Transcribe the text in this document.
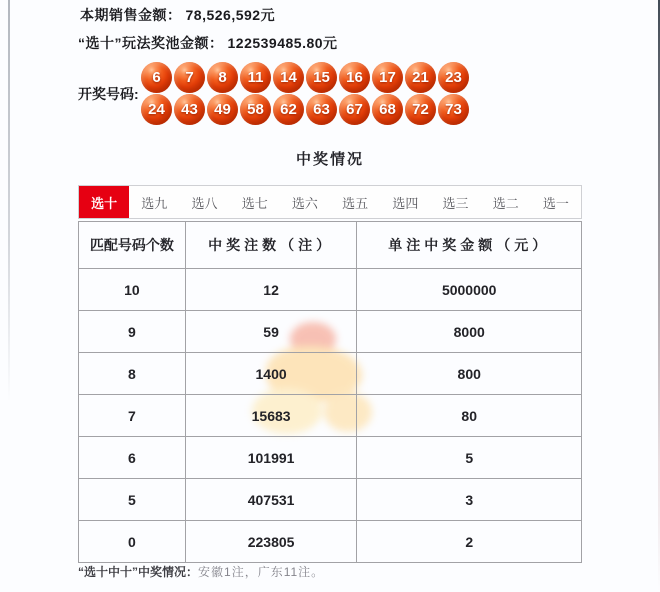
本期销售金额： 78,526,592元
“选十”玩法奖池金额： 122539485.80元
开奖号码:
6	7	8	11	14	15	16	17	21	23
24	43	49	58	62	63	67	68	72	73
中奖情况
选十	选九	选八	选七	选六	选五	选四	选三	选二	选一
匹配号码个数	中奖注数（注）	单注中奖金额（元）
10	12	5000000
9	59	8000
8	1400	800
7	15683	80
6	101991	5
5	407531	3
0	223805	2
“选十中十”中奖情况：安徽1注，广东11注。
